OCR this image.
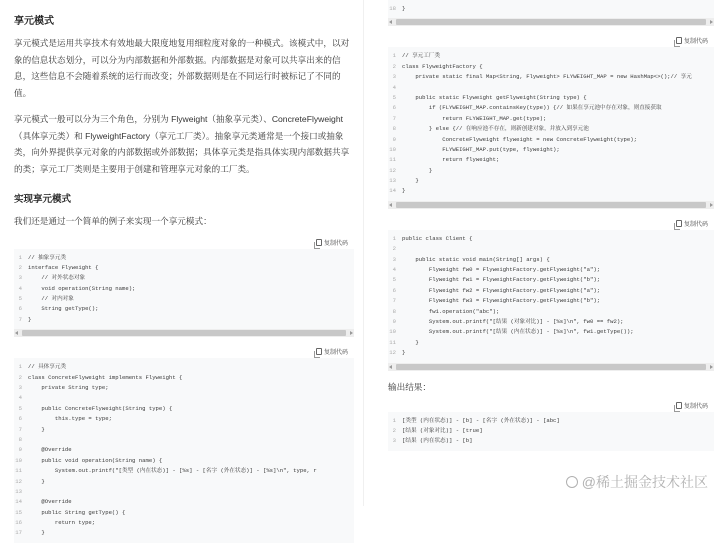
享元模式

享元模式是运用共享技术有效地最大限度地复用细粒度对象的一种模式。该模式中，以对象的信息状态划分，可以分为内部数据和外部数据。内部数据是对象可以共享出来的信息，这些信息不会随着系统的运行而改变；外部数据则是在不同运行时被标记了不同的值。

享元模式一般可以分为三个角色，分别为 Flyweight（抽象享元类）、ConcreteFlyweight（具体享元类）和 FlyweightFactory（享元工厂类）。抽象享元类通常是一个接口或抽象类，向外界提供享元对象的内部数据或外部数据；具体享元类是指具体实现内部数据共享的类；享元工厂类则是主要用于创建和管理享元对象的工厂类。

实现享元模式

我们还是通过一个简单的例子来实现一个享元模式：

复制代码
1	// 抽象享元类
2	interface Flyweight {
3	// 对外状态对象
4	void operation(String name);
5	// 对内对象
6	String getType();
7	}
复制代码
1	// 具体享元类
2	class ConcreteFlyweight implements Flyweight {
3	private String type;
4
5	public ConcreteFlyweight(String type) {
6	this.type = type;
7	}
8
9	@Override
10	public void operation(String name) {
11	System.out.printf("[类型 (内在状态)] - [%s] - [名字 (外在状态)] - [%s]\n", type, r
12	}
13
14	@Override
15	public String getType() {
16	return type;
17	}
18	}
复制代码
1	// 享元工厂类
2	class FlyweightFactory {
3	private static final Map<String, Flyweight> FLYWEIGHT_MAP = new HashMap<>();// 享元
4
5	public static Flyweight getFlyweight(String type) {
6	if (FLYWEIGHT_MAP.containsKey(type)) {// 如果在享元池中存在对象，则直接获取
7	return FLYWEIGHT_MAP.get(type);
8	} else {// 在响应池不存在，则新创建对象，并放入到享元池
9	ConcreteFlyweight flyweight = new ConcreteFlyweight(type);
10	FLYWEIGHT_MAP.put(type, flyweight);
11	return flyweight;
12	}
13	}
14	}
复制代码
1	public class Client {
2
3	public static void main(String[] args) {
4	Flyweight fw0 = FlyweightFactory.getFlyweight("a");
5	Flyweight fw1 = FlyweightFactory.getFlyweight("b");
6	Flyweight fw2 = FlyweightFactory.getFlyweight("a");
7	Flyweight fw3 = FlyweightFactory.getFlyweight("b");
8	fw1.operation("abc");
9	System.out.printf("[结果 (对象对比)] - [%s]\n", fw0 == fw2);
10	System.out.printf("[结果 (内在状态)] - [%s]\n", fw1.getType());
11	}
12	}
输出结果：
复制代码
1	[类型 (内在状态)] - [b] - [名字 (外在状态)] - [abc]
2	[结果 (对象对比)] - [true]
3	[结果 (内在状态)] - [b]
@稀土掘金技术社区
